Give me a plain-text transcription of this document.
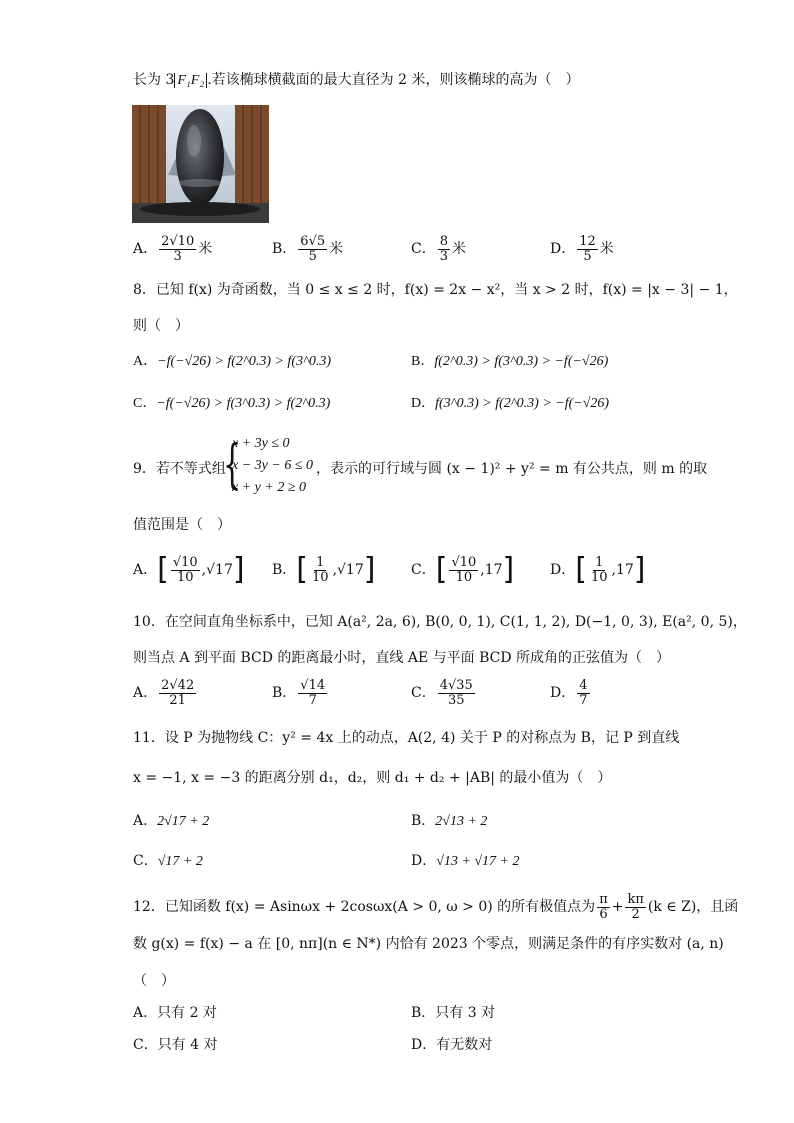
长为 3 F₁F₂ .若该椭球横截面的最大直径为 2 米，则该椭球的高为（　）
A． $\frac{2√10}{3}$ 米	B． $\frac{6√5}{5}$ 米	C． $\frac{8}{3}$ 米	D． $\frac{12}{5}$ 米
8．已知 f(x) 为奇函数，当 0 ≤ x ≤ 2 时，f(x) = 2x − x²，当 x > 2 时，f(x) = |x − 3| − 1，
则（　）
A．−f(−√26) > f(2^0.3) > f(3^0.3)	B．f(2^0.3) > f(3^0.3) > −f(−√26)
C．−f(−√26) > f(3^0.3) > f(2^0.3)	D．f(3^0.3) > f(2^0.3) > −f(−√26)
9．若不等式组
{
x + 3y ≤ 0
x − 3y − 6 ≤ 0
x + y + 2 ≥ 0
，表示的可行域与圆 (x − 1)² + y² = m 有公共点，则 m 的取
值范围是（　）
A．[ $\frac{√10}{10} ,√17$] B．[ $\frac{1}{10} ,√17$]	C．[ $\frac{√10}{10} ,17$]	D．[ $\frac{1}{10} ,17$]
10．在空间直角坐标系中，已知 A(a², 2a, 6), B(0, 0, 1), C(1, 1, 2), D(−1, 0, 3), E(a², 0, 5)，
则当点 A 到平面 BCD 的距离最小时，直线 AE 与平面 BCD 所成角的正弦值为（　）
A． $\frac{2√42}{21}$	B． $\frac{√14}{7}$	C． $\frac{4√35}{35}$	D． $\frac{4}{7}$
11．设 P 为抛物线 C：y² = 4x 上的动点，A(2, 4) 关于 P 的对称点为 B，记 P 到直线
x = −1, x = −3 的距离分别 d₁，d₂，则 d₁ + d₂ + |AB| 的最小值为（　）
A．2√17 + 2	B．2√13 + 2
C．√17 + 2	D．√13 + √17 + 2
12．已知函数 f(x) = Asinωx + 2cosωx(A > 0, ω > 0) 的所有极值点为 $\frac{\pi}{6} + \frac{k\pi}{2} (k$ ∈ Z)，且函
数 g(x) = f(x) − a 在 [0, nπ](n ∈ N*) 内恰有 2023 个零点，则满足条件的有序实数对 (a, n)
（　）
A．只有 2 对	B．只有 3 对
C．只有 4 对	D．有无数对
